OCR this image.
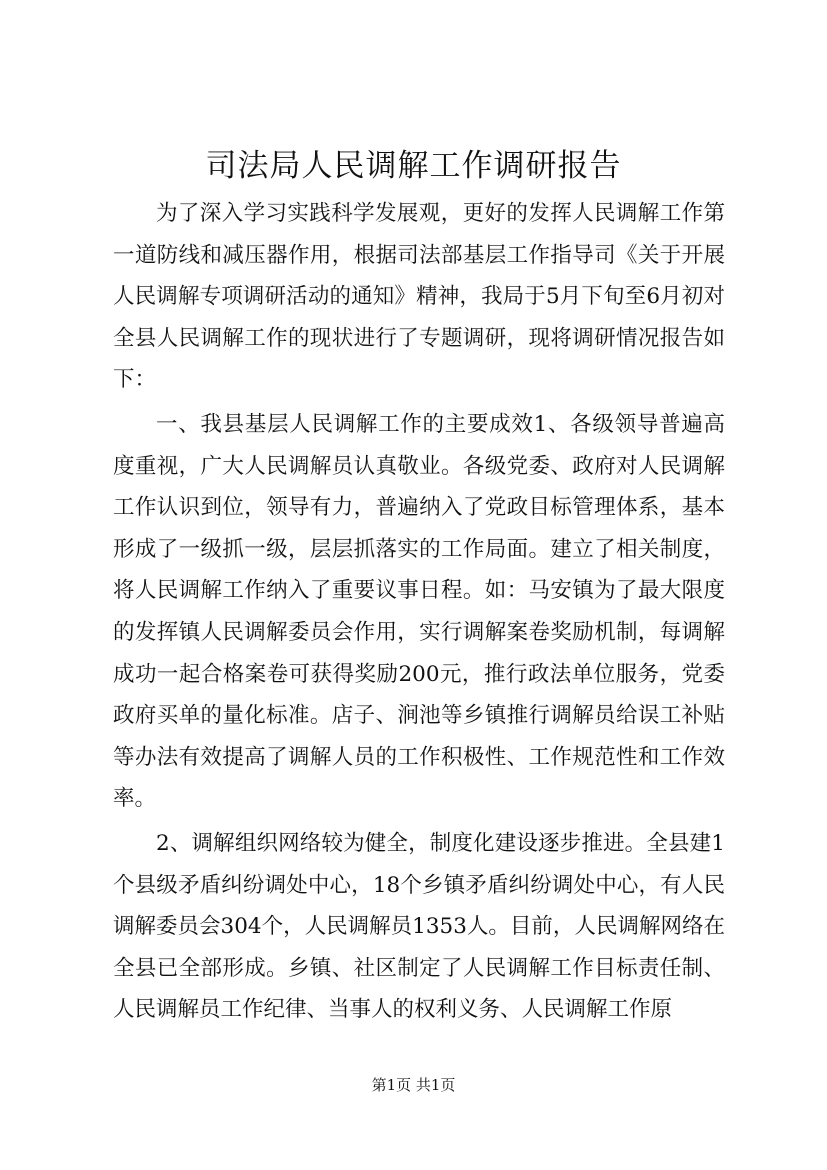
司法局人民调解工作调研报告

为了深入学习实践科学发展观，更好的发挥人民调解工作第一道防线和减压器作用，根据司法部基层工作指导司《关于开展人民调解专项调研活动的通知》精神，我局于5月下旬至6月初对全县人民调解工作的现状进行了专题调研，现将调研情况报告如下：

一、我县基层人民调解工作的主要成效1、各级领导普遍高度重视，广大人民调解员认真敬业。各级党委、政府对人民调解工作认识到位，领导有力，普遍纳入了党政目标管理体系，基本形成了一级抓一级，层层抓落实的工作局面。建立了相关制度，将人民调解工作纳入了重要议事日程。如：马安镇为了最大限度的发挥镇人民调解委员会作用，实行调解案卷奖励机制，每调解成功一起合格案卷可获得奖励200元，推行政法单位服务，党委政府买单的量化标准。店子、涧池等乡镇推行调解员给误工补贴等办法有效提高了调解人员的工作积极性、工作规范性和工作效率。

2、调解组织网络较为健全，制度化建设逐步推进。全县建1个县级矛盾纠纷调处中心，18个乡镇矛盾纠纷调处中心，有人民调解委员会304个，人民调解员1353人。目前，人民调解网络在全县已全部形成。乡镇、社区制定了人民调解工作目标责任制、人民调解员工作纪律、当事人的权利义务、人民调解工作原

第1页 共1页
